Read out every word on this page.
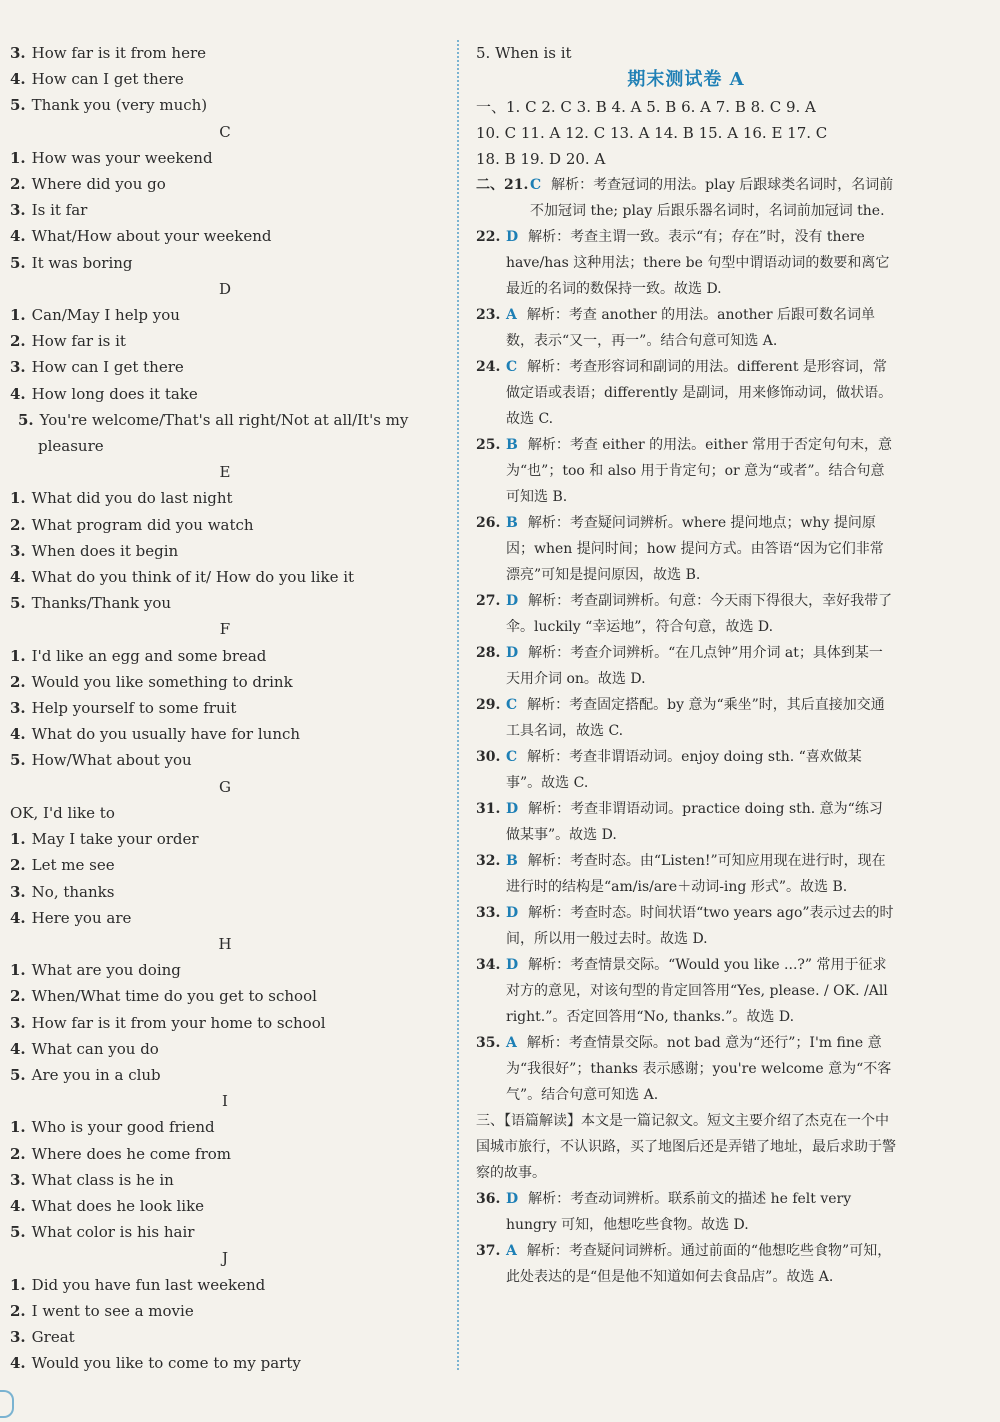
3. How far is it from here
4. How can I get there
5. Thank you (very much)
C
1. How was your weekend
2. Where did you go
3. Is it far
4. What/How about your weekend
5. It was boring
D
1. Can/May I help you
2. How far is it
3. How can I get there
4. How long does it take
5. You're welcome/That's all right/Not at all/It's my pleasure
E
1. What did you do last night
2. What program did you watch
3. When does it begin
4. What do you think of it/ How do you like it
5. Thanks/Thank you
F
1. I'd like an egg and some bread
2. Would you like something to drink
3. Help yourself to some fruit
4. What do you usually have for lunch
5. How/What about you
G
OK, I'd like to
1. May I take your order
2. Let me see
3. No, thanks
4. Here you are
H
1. What are you doing
2. When/What time do you get to school
3. How far is it from your home to school
4. What can you do
5. Are you in a club
I
1. Who is your good friend
2. Where does he come from
3. What class is he in
4. What does he look like
5. What color is his hair
J
1. Did you have fun last weekend
2. I went to see a movie
3. Great
4. Would you like to come to my party
5. When is it
期末测试卷 A
一、1. C 2. C 3. B 4. A 5. B 6. A 7. B 8. C 9. A
10. C 11. A 12. C 13. A 14. B 15. A 16. E 17. C
18. B 19. D 20. A
二、21. C 解析：考查冠词的用法。play 后跟球类名词时，名词前不加冠词 the; play 后跟乐器名词时，名词前加冠词 the.
22. D 解析：考查主谓一致。表示“有；存在”时，没有 there have/has 这种用法；there be 句型中谓语动词的数要和离它最近的名词的数保持一致。故选 D.
23. A 解析：考查 another 的用法。another 后跟可数名词单数，表示“又一，再一”。结合句意可知选 A.
24. C 解析：考查形容词和副词的用法。different 是形容词，常做定语或表语；differently 是副词，用来修饰动词，做状语。故选 C.
25. B 解析：考查 either 的用法。either 常用于否定句句末，意为“也”；too 和 also 用于肯定句；or 意为“或者”。结合句意可知选 B.
26. B 解析：考查疑问词辨析。where 提问地点；why 提问原因；when 提问时间；how 提问方式。由答语“因为它们非常漂亮”可知是提问原因，故选 B.
27. D 解析：考查副词辨析。句意：今天雨下得很大，幸好我带了伞。luckily “幸运地”，符合句意，故选 D.
28. D 解析：考查介词辨析。“在几点钟”用介词 at；具体到某一天用介词 on。故选 D.
29. C 解析：考查固定搭配。by 意为“乘坐”时，其后直接加交通工具名词，故选 C.
30. C 解析：考查非谓语动词。enjoy doing sth. “喜欢做某事”。故选 C.
31. D 解析：考查非谓语动词。practice doing sth. 意为“练习做某事”。故选 D.
32. B 解析：考查时态。由“Listen!”可知应用现在进行时，现在进行时的结构是“am/is/are＋动词-ing 形式”。故选 B.
33. D 解析：考查时态。时间状语“two years ago”表示过去的时间，所以用一般过去时。故选 D.
34. D 解析：考查情景交际。“Would you like ...?” 常用于征求对方的意见，对该句型的肯定回答用“Yes, please. / OK. /All right.”。否定回答用“No, thanks.”。故选 D.
35. A 解析：考查情景交际。not bad 意为“还行”；I'm fine 意为“我很好”；thanks 表示感谢；you're welcome 意为“不客气”。结合句意可知选 A.
三、【语篇解读】本文是一篇记叙文。短文主要介绍了杰克在一个中国城市旅行，不认识路，买了地图后还是弄错了地址，最后求助于警察的故事。
36. D 解析：考查动词辨析。联系前文的描述 he felt very hungry 可知，他想吃些食物。故选 D.
37. A 解析：考查疑问词辨析。通过前面的“他想吃些食物”可知，此处表达的是“但是他不知道如何去食品店”。故选 A.
